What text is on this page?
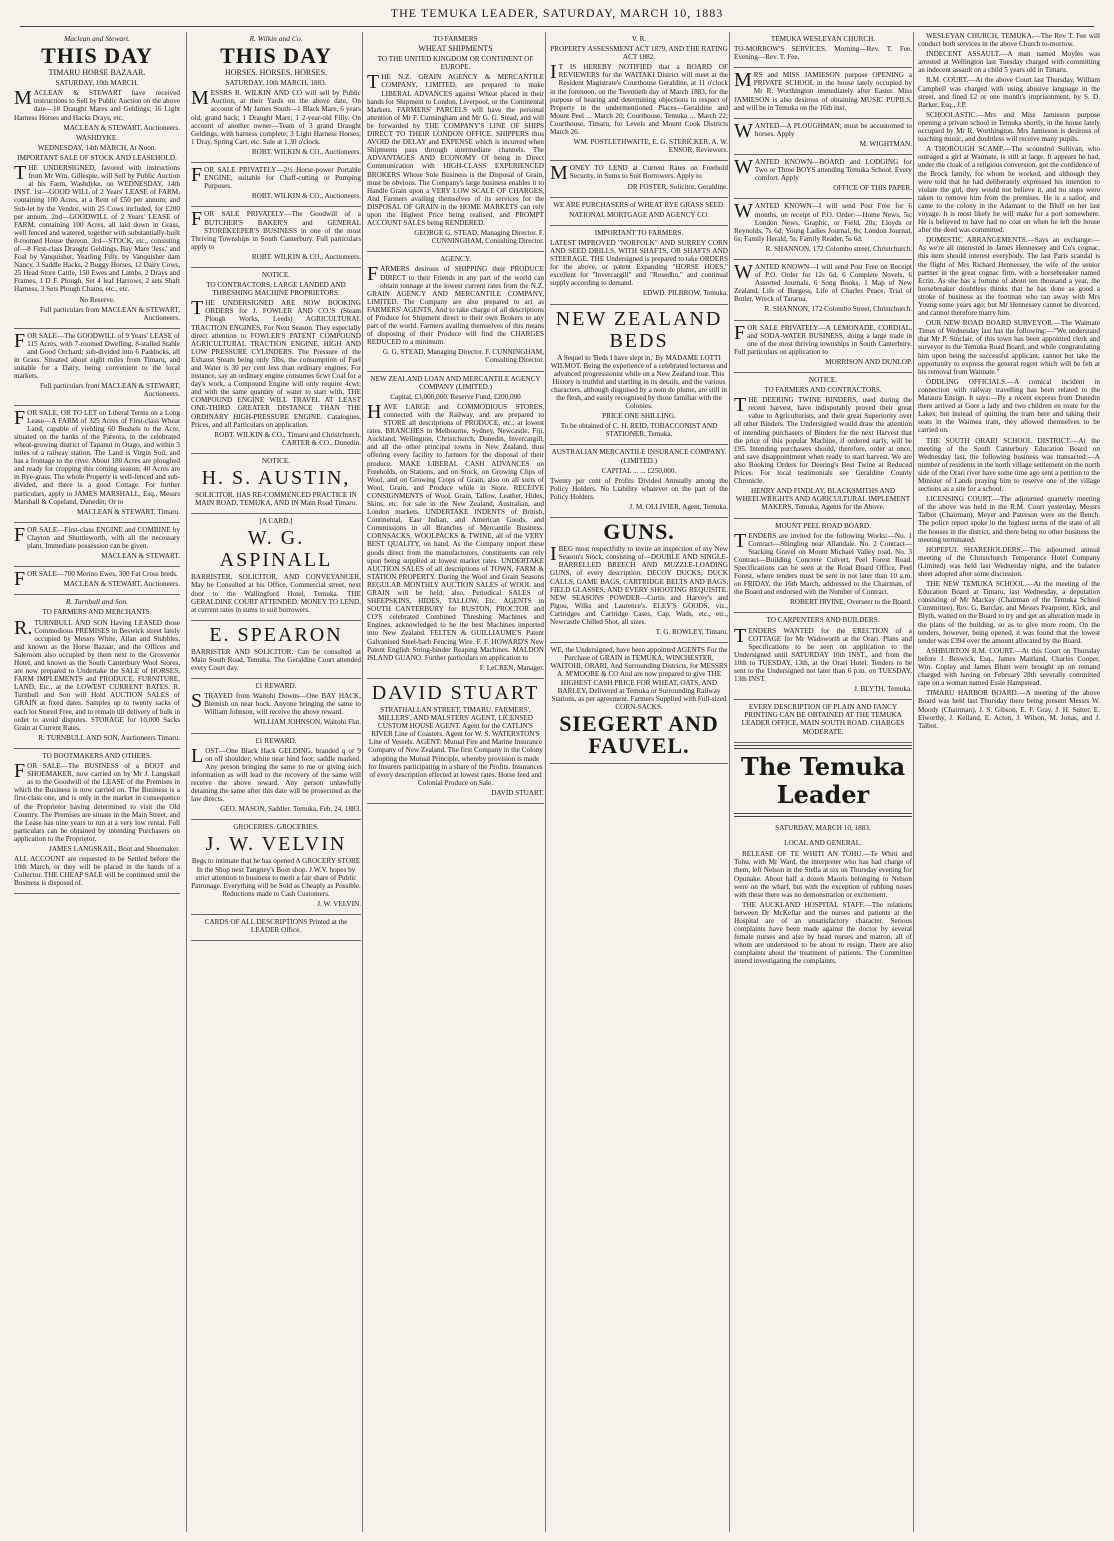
THE TEMUKA LEADER, SATURDAY, MARCH 10, 1883

Maclean and Stewart.

THIS DAY

TIMARU HORSE BAZAAR.

SATURDAY, 10th MARCH.

MACLEAN & STEWART have received instructions to Sell by Public Auction on the above date—18 Draught Mares and Geldings; 16 Light Harness Horses and Hacks Drays, etc.

MACLEAN & STEWART, Auctioneers.

WASHDYKE.

WEDNESDAY, 14th MARCH, At Noon.

IMPORTANT SALE OF STOCK AND LEASEHOLD.

THE UNDERSIGNED, favored with instructions from Mr Wm. Gillespie, will Sell by Public Auction at his Farm, Washdyke, on WEDNESDAY, 14th INST. 1st—GOOD WILL of 2 Years' LEASE of FARM, containing 100 Acres, at a Rent of £50 per annum; and Sub-let by the Vendor, with 25 Cows included, for £200 per annum. 2nd—GOODWILL of 2 Years' LEASE of FARM, containing 100 Acres, all laid down in Grass, well fenced and watered, together with substantially-built 8-roomed House thereon. 3rd—STOCK, etc., consisting of—8 First-class Draught Geldings, Bay Mare 'Jess,' and Foal by Vanquisher, Yearling Filly, by Vanquisher dam Nancy, 3 Saddle Hacks, 2 Buggy Horses, 12 Dairy Cows, 25 Head Store Cattle, 150 Ewes and Lambs, 2 Drays and Frames, 1 D F. Plough, Set 4 leaf Harrows, 2 sets Shaft Harness, 3 Sets Plough Chains, etc., etc.

No Reserve.

Full particulars from MACLEAN & STEWART, Auctioneers.

FOR SALE—The GOODWILL of 9 Years' LEASE of 115 Acres, with 7-roomed Dwelling, 8-stalled Stable and Good Orchard; sub-divided into 6 Paddocks, all in Grass. Situated about eight miles from Timaru, and suitable for a Dairy, being convenient to the local markets.

Full particulars from MACLEAN & STEWART, Auctioneers.

FOR SALE, OR TO LET on Liberal Terms on a Long Lease—A FARM of 325 Acres of First-class Wheat Land, capable of yielding 60 Bushels to the Acre, situated on the banks of the Pareora, in the celebrated wheat-growing district of Tapanui in Otago, and within 3 miles of a railway station. The Land is Virgin Soil, and has a frontage to the river. About 180 Acres are ploughed and ready for cropping this coming season; 40 Acres are in Rye-grass. The whole Property is well-fenced and sub-divided, and there is a good Cottage. For further particulars, apply to JAMES MARSHALL, Esq., Messrs Marshall & Copeland, Dunedin; Or to

MACLEAN & STEWART, Timaru.

FOR SALE—First-class ENGINE and COMBINE by Clayton and Shuttleworth, with all the necessary plant. Immediate possession can be given.

MACLEAN & STEWART.

FOR SALE—700 Merino Ewes, 300 Fat Cross breds.

MACLEAN & STEWART, Auctioneers.

R. Turnbull and Son.

TO FARMERS AND MERCHANTS.

R.TURNBULL AND SON Having LEASED those Commodious PREMISES in Beswick street lately occupied by Messrs White, Allan and Stubbles, and known as the Horse Bazaar, and the Offices and Saleroom also occupied by them next to the Grosvenor Hotel, and known as the South Canterbury Wool Stores, are now prepared to Undertake the SALE of HORSES, FARM IMPLEMENTS and PRODUCE, FURNITURE, LAND, Etc., at the LOWEST CURRENT RATES. R. Turnbull and Son will Hold AUCTION SALES of GRAIN at fixed dates. Samples up to twenty sacks of each lot Stored Free, and to remain till delivery of bulk in order to avoid disputes. STORAGE for 10,000 Sacks Grain at Current Rates.

R. TURNBULL AND SON, Auctioneers Timaru.

TO BOOTMAKERS AND OTHERS.

FOR SALE—The BUSINESS of a BOOT and SHOEMAKER, now carried on by Mr J. Langskail as to the Goodwill of the LEASE of the Premises in which the Business is now carried on. The Business is a first-class one, and is only in the market in consequence of the Proprietor having determined to visit the Old Country. The Premises are situate in the Main Street, and the Lease has nine years to run at a very low rental. Full particulars can be obtained by intending Purchasers on application to the Proprietor,

JAMES LANGSKAIL, Boot and Shoemaker.

ALL ACCOUNT are requested to be Settled before the 10th March, or they will be placed in the hands of a Collector. THE CHEAP SALE will be continued until the Business is disposed of.

R. Wilkin and Co.

THIS DAY

HORSES. HORSES. HORSES.

SATURDAY, 10th MARCH, 1883.

MESSRS R. WILKIN AND CO will sell by Public Auction, at their Yards on the above date, On account of Mr James South—1 Black Mare, 6 years old, grand hack; 1 Draught Mare; 1 2-year-old Filly. On account of another owner—Team of 3 grand Draught Geldings, with harness complete; 3 Light Harness Horses; 1 Dray, Spring Cart, etc. Sale at 1.30 o'clock.

ROBT. WILKIN & CO., Auctioneers.

FOR SALE PRIVATELY—2½ Horse-power Portable ENGINE, suitable for Chaff-cutting or Pumping Purposes.

ROBT. WILKIN & CO., Auctioneers.

FOR SALE PRIVATELY—The Goodwill of a BUTCHER'S BAKER'S and GENERAL STOREKEEPER'S BUSINESS in one of the most Thriving Townships in South Canterbury. Full particulars apply to

ROBT. WILKIN & CO., Auctioneers.

NOTICE.

TO CONTRACTORS, LARGE LANDED AND THRESHING MACHINE PROPRIETORS.

THE UNDERSIGNED ARE NOW BOOKING ORDERS for J. FOWLER AND CO.'S (Steam Plough Works, Leeds) AGRICULTURAL TRACTION ENGINES, For Next Season. They especially direct attention to FOWLER'S PATENT COMPOUND AGRICULTURAL TRACTION ENGINE, HIGH AND LOW PRESSURE CYLINDERS. The Pressure of the Exhaust Steam being only 5lbs, the consumption of Fuel and Water is 30 per cent less than ordinary engines. For instance, say an ordinary engine consumes 6cwt Coal for a day's work, a Compound Engine will only require 4cwt; and with the same quantity of water to start with, THE COMPOUND ENGINE WILL TRAVEL AT LEAST ONE-THIRD GREATER DISTANCE THAN THE ORDINARY HIGH-PRESSURE ENGINE. Catalogues, Prices, and all Particulars on application.

ROBT. WILKIN & CO., Timaru and Christchurch. CARTER & CO., Dunedin.

NOTICE.

H. S. AUSTIN,

SOLICITOR, HAS RE-COMMENCED PRACTICE IN MAIN ROAD, TEMUKA, AND IN Main Road Timaru.

[A CARD.]

W. G. ASPINALL

BARRISTER, SOLICITOR, AND CONVEYANCER, May be Consulted at his Office, Commercial street, next door to the Wallingford Hotel, Temuka. THE GERALDINE COURT ATTENDED. MONEY TO LEND, at current rates in sums to suit borrowers.

E. SPEARON

BARRISTER AND SOLICITOR, Can be consulted at Main South Road, Temuka. The Geraldine Court attended every Court day.

£1 REWARD.

STRAYED from Waitohi Downs—One BAY HACK, Blemish on near hock. Anyone bringing the same to William Johnson, will receive the above reward.

WILLIAM JOHNSON, Waitohi Flat.

£1 REWARD.

LOST—One Black Hack GELDING, branded q or 9 on off shoulder; white near hind foot; saddle marked. Any person bringing the same to me or giving such information as will lead to the recovery of the same will receive the above reward. Any person unlawfully detaining the same after this date will be prosecuted as the law directs.

GEO. MASON, Saddler. Temuka, Feb. 24, 1883.

GROCERIES. GROCERIES.

J. W. VELVIN

Begs to intimate that he has opened A GROCERY STORE In the Shop next Tangney's Boot shop. J.W.V. hopes by strict attention to business to merit a fair share of Public Patronage. Everything will be Sold as Cheaply as Possible. Reductions made to Cash Customers.

J. W. VELVIN.

CARDS OF ALL DESCRIPTIONS Printed at the LEADER Office.

TO FARMERS

WHEAT SHIPMENTS

TO THE UNITED KINGDOM OR CONTINENT OF EUROPE.

THE N.Z. GRAIN AGENCY & MERCANTILE COMPANY, LIMITED, are prepared to make LIBERAL ADVANCES against Wheat placed in their hands for Shipment to London, Liverpool, or the Continental Markets. FARMERS' PARCELS will have the personal attention of Mr F. Cunningham and Mr G. G. Stead, and will be forwarded by THE COMPANY'S LINE OF SHIPS DIRECT TO THEIR LONDON OFFICE. SHIPPERS thus AVOID the DELAY and EXPENSE which is incurred when Shipments pass through intermediate channels. The ADVANTAGES AND ECONOMY Of being in Direct Communication with HIGH-CLASS EXPERIENCED BROKERS Whose Sole Business is the Disposal of Grain, must be obvious. The Company's large business enables it to Handle Grain upon a VERY LOW SCALE OF CHARGES, And Farmers availing themselves of its services for the DISPOSAL OF GRAIN in the HOME MARKETS can rely upon the Highest Price being realised, and PROMPT ACCOUNT SALES being RENDERED.

GEORGE G. STEAD, Managing Director. F. CUNNINGHAM, Consulting Director.

AGENCY.

FARMERS desirous of SHIPPING their PRODUCE DIRECT to their Friends in any part of the world can obtain tonnage at the lowest current rates from the N.Z. GRAIN AGENCY AND MERCANTILE COMPANY, LIMITED. The Company are also prepared to act as FARMERS' AGENTS, And to take charge of all descriptions of Produce for Shipment direct to their own Brokers to any part of the world. Farmers availing themselves of this means of disposing of their Produce will find the CHARGES REDUCED to a minimum.

G. G. STEAD, Managing Director. F. CUNNINGHAM, Consulting Director.

NEW ZEALAND LOAN AND MERCANTILE AGENCY COMPANY (LIMITED.)

Capital, £3,000,000. Reserve Fund, £200,000

HAVE LARGE and COMMODIOUS STORES, connected with the Railway, and are prepared to STORE all descriptions of PRODUCE, etc., at lowest rates. BRANCHES in Melbourne, Sydney, Newcastle, Fiji, Auckland, Wellington, Christchurch, Dunedin, Invercargill, and all the other principal towns in New Zealand, thus offering every facility to farmers for the disposal of their produce. MAKE LIBERAL CASH ADVANCES on Freeholds, on Stations, and on Stock, on Growing Clips of Wool, and on Growing Crops of Grain, also on all sorts of Wool, Grain, and Produce while in Store. RECEIVE CONSIGNMENTS of Wool, Grain, Tallow, Leather, Hides, Skins, etc. for sale in the New Zealand, Australian, and London markets. UNDERTAKE INDENTS of British, Continental, East Indian, and American Goods, and Commissions in all Branches of Mercantile Business. CORNSACKS, WOOLPACKS & TWINE, all of the VERY BEST QUALITY, on hand. As the Company import these goods direct from the manufacturers, constituents can rely upon being supplied at lowest market rates. UNDERTAKE AUCTION SALES of all descriptions of TOWN, FARM & STATION PROPERTY. During the Wool and Grain Seasons REGULAR MONTHLY AUCTION SALES of WOOL and GRAIN will be held; also, Periodical SALES of SHEEPSKINS, HIDES, TALLOW, Etc. AGENTS in SOUTH CANTERBURY for RUSTON, PROCTOR and CO'S celebrated Combined Threshing Machines and Engines, acknowledged to be the best Machines imported into New Zealand. FELTEN & GUILLIAUME'S Patent Galvanised Steel-barb Fencing Wire. F. F. HOWARD'S New Patent English String-binder Reaping Machines. MALDON ISLAND GUANO. Further particulars on application to

F. LeCREN, Manager.

DAVID STUART

STRATHALLAN STREET, TIMARU. FARMERS', MILLERS', AND MALSTERS' AGENT, LICENSED CUSTOM HOUSE AGENT. Agent for the CATLIN'S RIVER Line of Coasters. Agent for W. S. WATERSTON'S Line of Vessels. AGENT: Mutual Fire and Marine Insurance Company of New Zealand. The first Company in the Colony adopting the Mutual Principle, whereby provision is made for Insurers participating in a share of the Profits. Insurances of every description effected at lowest rates. Horse feed and Colonial Produce on Sale.

DAVID STUART.

V. R.

PROPERTY ASSESSMENT ACT 1879, AND THE RATING ACT 1882.

IT IS HEREBY NOTIFIED that a BOARD OF REVIEWERS for the WAITAKI District will meet at the Resident Magistrate's Courthouse Geraldine, at 11 o'clock in the forenoon, on the Twentieth day of March 1883, for the purpose of hearing and determining objections in respect of Property in the undermentioned Places—Geraldine and Mount Peel ... March 20; Courthouse, Temuka ... March 22; Courthouse, Timaru, for Levels and Mount Cook Districts March 26.

WM. POSTLETHWAITE, E. G. STERICKER, A. W. ENSOR, Reviewers.

MONEY TO LEND at Current Rates on Freehold Security, in Sums to Suit Borrowers. Apply to

DR FOSTER, Solicitor, Geraldine.

WE ARE PURCHASERS of WHEAT RYE GRASS SEED.

NATIONAL MORTGAGE AND AGENCY CO.

IMPORTANT TO FARMERS.

LATEST IMPROVED "NORFOLK" AND SURREY CORN AND SEED DRILLS, WITH SHAFTS, OR SHAFTS AND STEERAGE. THE Undersigned is prepared to take ORDERS for the above, or patent Expanding "HORSE HOES," excellent for "Invercargill" and "Rosedhu," and continual supply according to demand.

EDWD. PILBROW, Temuka.

NEW ZEALAND BEDS

A Sequel to 'Beds I have slept in,' By MADAME LOTTI WILMOT. Being the experience of a celebrated lecturess and advanced progressionist while on a New Zealand tour. This History is truthful and startling in its details, and the various characters, although disguised by a nom de plume, are still in the flesh, and easily recognised by those familiar with the Colonies.

PRICE ONE SHILLING.

To be obtained of C. H. REID, TOBACCONIST AND STATIONER, Temuka.

AUSTRALIAN MERCANTILE INSURANCE COMPANY. (LIMITED.)

CAPITAL ... ... £250,000.

Twenty per cent of Profits Divided Annually among the Policy Holders. No Liability whatever on the part of the Policy Holders.

J. M. OLLIVIER, Agent, Temuka.

GUNS.

IBEG most respectfully to invite an inspection of my New Season's Stock, consisting of—DOUBLE AND SINGLE-BARRELLED BREECH AND MUZZLE-LOADING GUNS, of every description. DECOY DUCKS, DUCK CALLS, GAME BAGS, CARTRIDGE BELTS AND BAGS, FIELD GLASSES, AND EVERY SHOOTING REQUISITE. NEW SEASONS POWDER—Curtis and Harvey's and Pigou, Wilks and Laurence's. ELEY'S GOODS, viz., Cartridges and Cartridge Cases, Cap, Wads, etc., etc., Newcastle Chilled Shot, all sizes.

T. G. ROWLEY, Timaru.

WE, the Undersigned, have been appointed AGENTS For the Purchase of GRAIN in TEMUKA, WINCHESTER, WAITOHI, ORARI, And Surrounding Districts, for MESSRS A. M'MOORE & CO And are now prepared to give THE HIGHEST CASH PRICE FOR WHEAT, OATS, AND BARLEY, Delivered at Temuka or Surrounding Railway Stations, as per agreement. Farmers Supplied with Full-sized CORN-SACKS.

SIEGERT AND FAUVEL.

TEMUKA WESLEYAN CHURCH.

TO-MORROW'S SERVICES. Morning—Rev. T. Fee. Evening—Rev. T. Fee.

MRS and MISS JAMIESON purpose OPENING a PRIVATE SCHOOL in the house lately occupied by Mr R. Worthington immediately after Easter. Miss JAMIESON is also desirous of obtaining MUSIC PUPILS, and will be in Temuka on the 16th inst.

WANTED—A PLOUGHMAN; must be accustomed to horses. Apply

M. WIGHTMAN.

WANTED KNOWN—BOARD and LODGING for Two or Three BOYS attending Temuka School. Every comfort. Apply

OFFICE OF THIS PAPER.

WANTED KNOWN—I will send Post Free for 6 months, on receipt of P.O. Order:—Home News, 5s; London News, Graphic, or Field, 20s; Lloyds or Reynolds, 7s 6d; Young Ladies Journal, 8s; London Journal, 6s; Family Herald, 5s; Family Reader, 5s 6d.

R. SHANNON, 172 Colombo street, Christchurch.

WANTED KNOWN—I will send Post Free on Receipt of P.O. Order for 12s 6d, 6 Complete Novels, 6 Assorted Journals, 6 Song Books, 1 Map of New Zealand, Life of Burgess, Life of Charles Peace, Trial of Butler, Wreck of Tararua.

R. SHANNON, 172 Colombo Street, Christchurch.

FOR SALE PRIVATELY—A LEMONADE, CORDIAL, and SODA-WATER BUSINESS, doing a large trade in one of the most thriving townships in South Canterbury. Full particulars on application to

MORRISON AND DUNLOP.

NOTICE.

TO FARMERS AND CONTRACTORS.

THE DEERING TWINE BINDERS, used during the recent harvest, have indisputably proved their great value to Agriculturists, and their great Superiority over all other Binders. The Undersigned would draw the attention of intending purchasers of Binders for the next Harvest that the price of this popular Machine, if ordered early, will be £95. Intending purchasers should, therefore, order at once, and save disappointment when ready to start harvest. We are also Booking Orders for Deering's Best Twine at Reduced Prices. For local testimonials see Geraldine County Chronicle.

HENRY AND FINDLAY, BLACKSMITHS AND WHEELWRIGHTS AND AGRICULTURAL IMPLEMENT MAKERS, Temuka, Agents for the Above.

MOUNT PEEL ROAD BOARD.

TENDERS are invited for the following Works:—No. 1 Contract—Shingling near Allandale. No. 2 Contract—Stacking Gravel on Mount Michael Valley road. No. 3 Contract—Building Concrete Culvert, Peel Forest Road. Specifications can be seen at the Road Board Office, Peel Forest, where tenders must be sent in not later than 10 a.m. on FRIDAY, the 16th March, addressed to the Chairman, of the Board and endorsed with the Number of Contract.

ROBERT IRVINE, Overseer to the Board.

TO CARPENTERS AND BUILDERS.

TENDERS WANTED for the ERECTION of a COTTAGE for Mr Wadsworth at the Orari. Plans and Specifications to be seen on application to the Undersigned until SATURDAY 10th INST., and from the 10th to TUESDAY, 13th, at the Orari Hotel. Tenders to be sent to the Undersigned not later than 6 p.m. on TUESDAY, 13th INST.

J. BLYTH, Temuka.

EVERY DESCRIPTION OF PLAIN AND FANCY PRINTING CAN BE OBTAINED AT THE TEMUKA LEADER OFFICE, MAIN SOUTH ROAD. CHARGES MODERATE.

The Temuka Leader

SATURDAY, MARCH 10, 1883.

LOCAL AND GENERAL.

RELEASE OF TE WHITI AN TOHU.—Te Whiti and Tohu, with Mr Ward, the interpreter who has had charge of them, left Nelson in the Stella at six on Thursday evening for Opunake. About half a dozen Maoris belonging to Nelson were on the wharf, but with the exception of rubbing noses with these there was no demonstration or excitement.

THE AUCKLAND HOSPITAL STAFF.—The relations between Dr McKellar and the nurses and patients at the Hospital are of an unsatisfactory character. Serious complaints have been made against the doctor by several female nurses and also by head nurses and matron, all of whom are understood to be about to resign. There are also complaints about the treatment of patients. The Committee intend investigating the complaints.

WESLEYAN CHURCH, TEMUKA.—The Rev T. Fee will conduct both services in the above Church to-morrow.

INDECENT ASSAULT.—A man named Moyles was arrested at Wellington last Tuesday charged with committing an indecent assault on a child 5 years old in Timaru.

R.M. COURT.—At the above Court last Thursday, William Campbell was charged with using abusive language in the street, and fined £2 or one month's imprisonment, by S. D. Barker, Esq., J.P.

SCHOOLASTIC.—Mrs and Miss Jamieson purpose opening a private school in Temuka shortly, in the house lately occupied by Mr R. Worthington. Mrs Jamieson is desirous of teaching music, and doubtless will receive many pupils.

A THOROUGH SCAMP.—The scoundrel Sullivan, who outraged a girl at Waimate, is still at large. It appears he had, under the cloak of a religious conversion, got the confidence of the Brock family, for whom he worked, and although they were told that he had deliberately expressed his intention to violate the girl, they would not believe it, and no steps were taken to remove him from the premises. He is a sailor, and came to the colony in the Adamant to the Bluff on her last voyage. It is most likely he will make for a port somewhere. He is believed to have had no coat on when he left the house after the deed was committed.

DOMESTIC ARRANGEMENTS.—Says an exchange:—As we're all interested in James Hennessey and Co's cognac, this item should interest everybody. The last Paris scandal is the flight of Mrs Richard Hennessey, the wife of the senior partner in the great cognac firm, with a horsebreaker named Ecrin. As she has a fortune of about ten thousand a year, the horsebreaker doubtless thinks that he has done as good a stroke of business as the footman who ran away with Mrs Young some years ago; but Mr Hennessey cannot be divorced, and cannot therefore marry him.

OUR NEW ROAD BOARD SURVEYOR.—The Waimate Times of Wednesday last has the following:—"We understand that Mr P. Sinclair, of this town has been appointed clerk and surveyor to the Temuka Road Board, and while congratulating him upon being the successful applicant, cannot but take the opportunity to express the general regret which will be felt at his removal from Waimate."

ODDLING OFFICIALS.—A comical incident in connection with railway travelling has been related to the Mataura Ensign. It says:—By a recent express from Dunedin there arrived at Gore a lady and two children en route for the Lakes; but instead of quitting the tram here and taking their seats in the Waimea tram, they allowed themselves to be carried on.

THE SOUTH ORARI SCHOOL DISTRICT.—At the meeting of the South Canterbury Education Board on Wednesday last, the following business was transacted:—A number of residents in the north village settlement on the north side of the Orari river have some time ago sent a petition to the Minister of Lands praying him to reserve one of the village sections as a site for a school.

LICENSING COURT.—The adjourned quarterly meeting of the above was held in the R.M. Court yesterday, Messrs Talbot (Chairman), Meyer and Paterson were on the Bench. The police report spoke in the highest terms of the state of all the houses in the district, and there being no other business the meeting terminated.

HOPEFUL SHAREHOLDERS.—The adjourned annual meeting of the Christchurch Temperance Hotel Company (Limited) was held last Wednesday night, and the balance sheet adopted after some discussion.

THE NEW TEMUKA SCHOOL.—At the meeting of the Education Board at Timaru, last Wednesday, a deputation consisting of Mr Mackay (Chairman of the Temuka School Committee), Rev. G. Barclay, and Messrs Pearpoint, Kirk, and Blyth, waited on the Board to try and get an alteration made in the plans of the building, so as to give more room. On the tenders, however, being opened, it was found that the lowest tender was £394 over the amount allocated by the Board.

ASHBURTON R.M. COURT.—At this Court on Thursday before J. Beswick, Esq., James Maitland, Charles Cooper, Wm. Copley and James Blunt were brought up on remand charged with having on February 28th severally committed rape on a woman named Essie Hampstead.

TIMARU HARBOR BOARD.—A meeting of the above Board was held last Thursday there being present Messrs W. Moody (Chairman), J. S. Gibson, E. F. Gray, J. H. Sutter, E. Elworthy, J. Kelland, E. Acton, J. Wilson, M. Jonas, and J. Talbot.
